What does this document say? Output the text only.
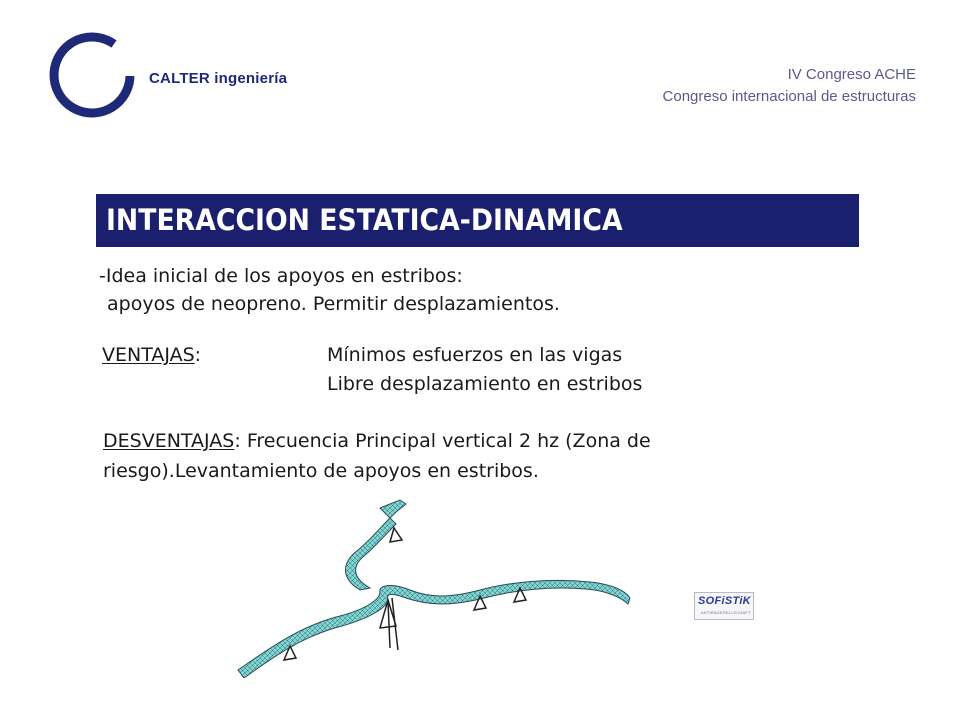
CALTER ingeniería	IV Congreso ACHE
Congreso internacional de estructuras
INTERACCION ESTATICA-DINAMICA
-Idea inicial de los apoyos en estribos:
apoyos de neopreno. Permitir desplazamientos.
VENTAJAS:	Mínimos esfuerzos en las vigas
Libre desplazamiento en estribos
DESVENTAJAS: Frecuencia Principal vertical 2 hz (Zona de
riesgo).Levantamiento de apoyos en estribos.
SOFiSTiK
AKTIENGESELLSCHAFT
